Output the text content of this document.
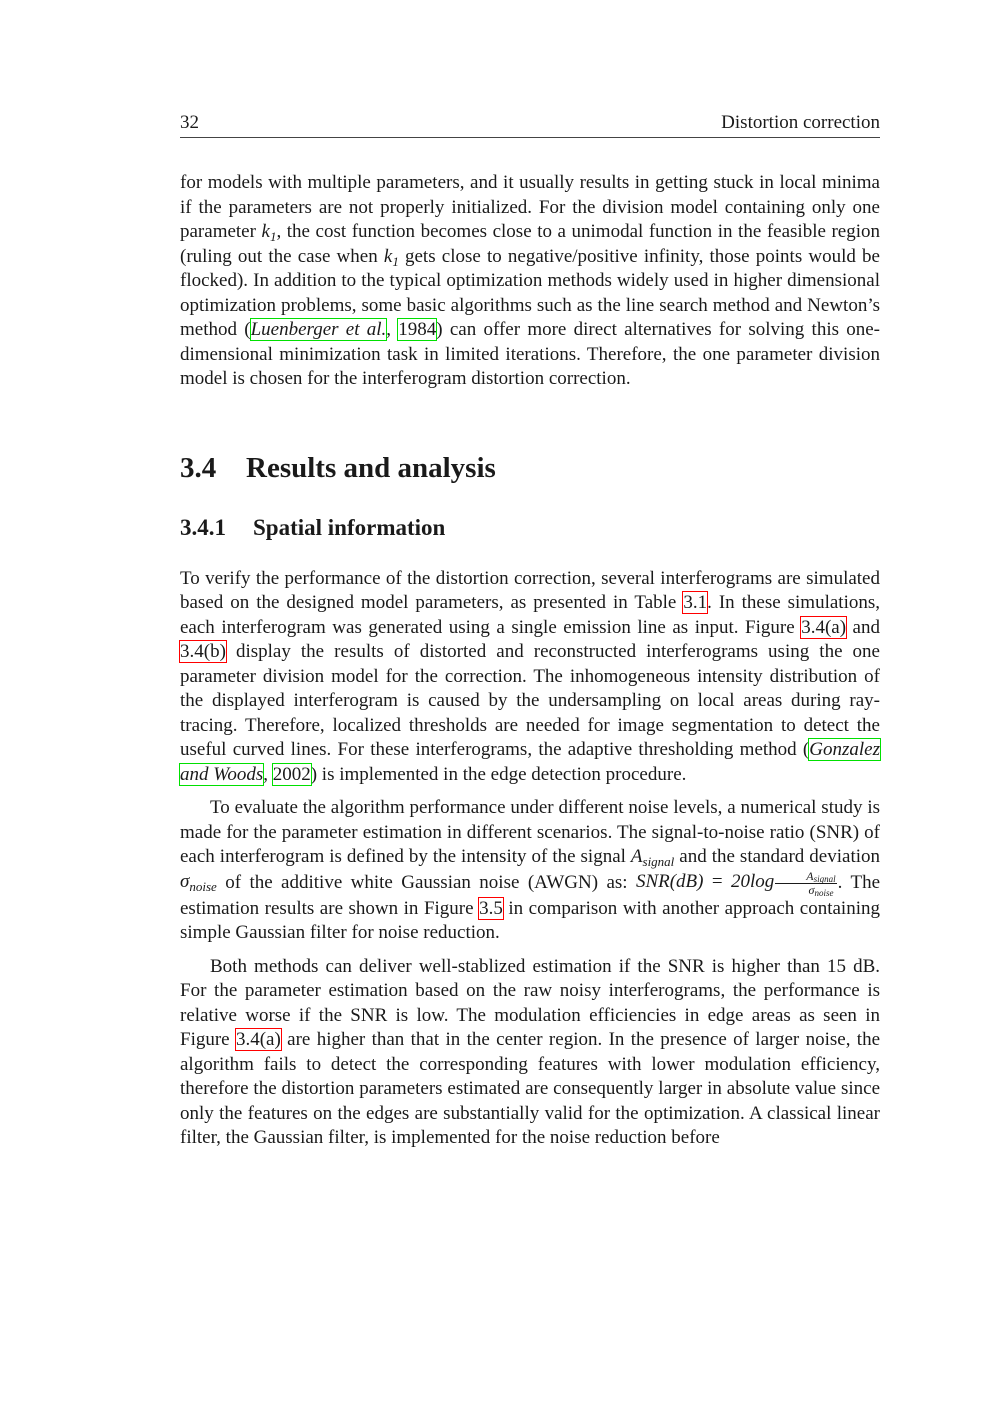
32	Distortion correction

for models with multiple parameters, and it usually results in getting stuck in local minima if the parameters are not properly initialized. For the division model containing only one parameter $k_1$, the cost function becomes close to a unimodal function in the feasible region (ruling out the case when $k_1$ gets close to negative/positive infinity, those points would be flocked). In addition to the typical optimization methods widely used in higher dimensional optimization problems, some basic algorithms such as the line search method and Newton’s method (Luenberger et al., 1984) can offer more direct alternatives for solving this one-dimensional minimization task in limited iterations. Therefore, the one parameter division model is chosen for the interferogram distortion correction.

3.4 Results and analysis
3.4.1 Spatial information

To verify the performance of the distortion correction, several interferograms are simulated based on the designed model parameters, as presented in Table 3.1. In these simulations, each interferogram was generated using a single emission line as input. Figure 3.4(a) and 3.4(b) display the results of distorted and reconstructed interferograms using the one parameter division model for the correction. The inhomogeneous intensity distribution of the displayed interferogram is caused by the undersampling on local areas during ray-tracing. Therefore, localized thresholds are needed for image segmentation to detect the useful curved lines. For these interferograms, the adaptive thresholding method (Gonzalez and Woods, 2002) is implemented in the edge detection procedure.

To evaluate the algorithm performance under different noise levels, a numerical study is made for the parameter estimation in different scenarios. The signal-to-noise ratio (SNR) of each interferogram is defined by the intensity of the signal $A_{signal}$ and the standard deviation $\sigma_{noise}$ of the additive white Gaussian noise (AWGN) as: $SNR(dB) = 20\log \frac{A_{signal}}{\sigma_{noise}}$ . The estimation results are shown in Figure 3.5 in comparison with another approach containing simple Gaussian filter for noise reduction.

Both methods can deliver well-stablized estimation if the SNR is higher than 15 dB. For the parameter estimation based on the raw noisy interferograms, the performance is relative worse if the SNR is low. The modulation efficiencies in edge areas as seen in Figure 3.4(a) are higher than that in the center region. In the presence of larger noise, the algorithm fails to detect the corresponding features with lower modulation efficiency, therefore the distortion parameters estimated are consequently larger in absolute value since only the features on the edges are substantially valid for the optimization. A classical linear filter, the Gaussian filter, is implemented for the noise reduction before
